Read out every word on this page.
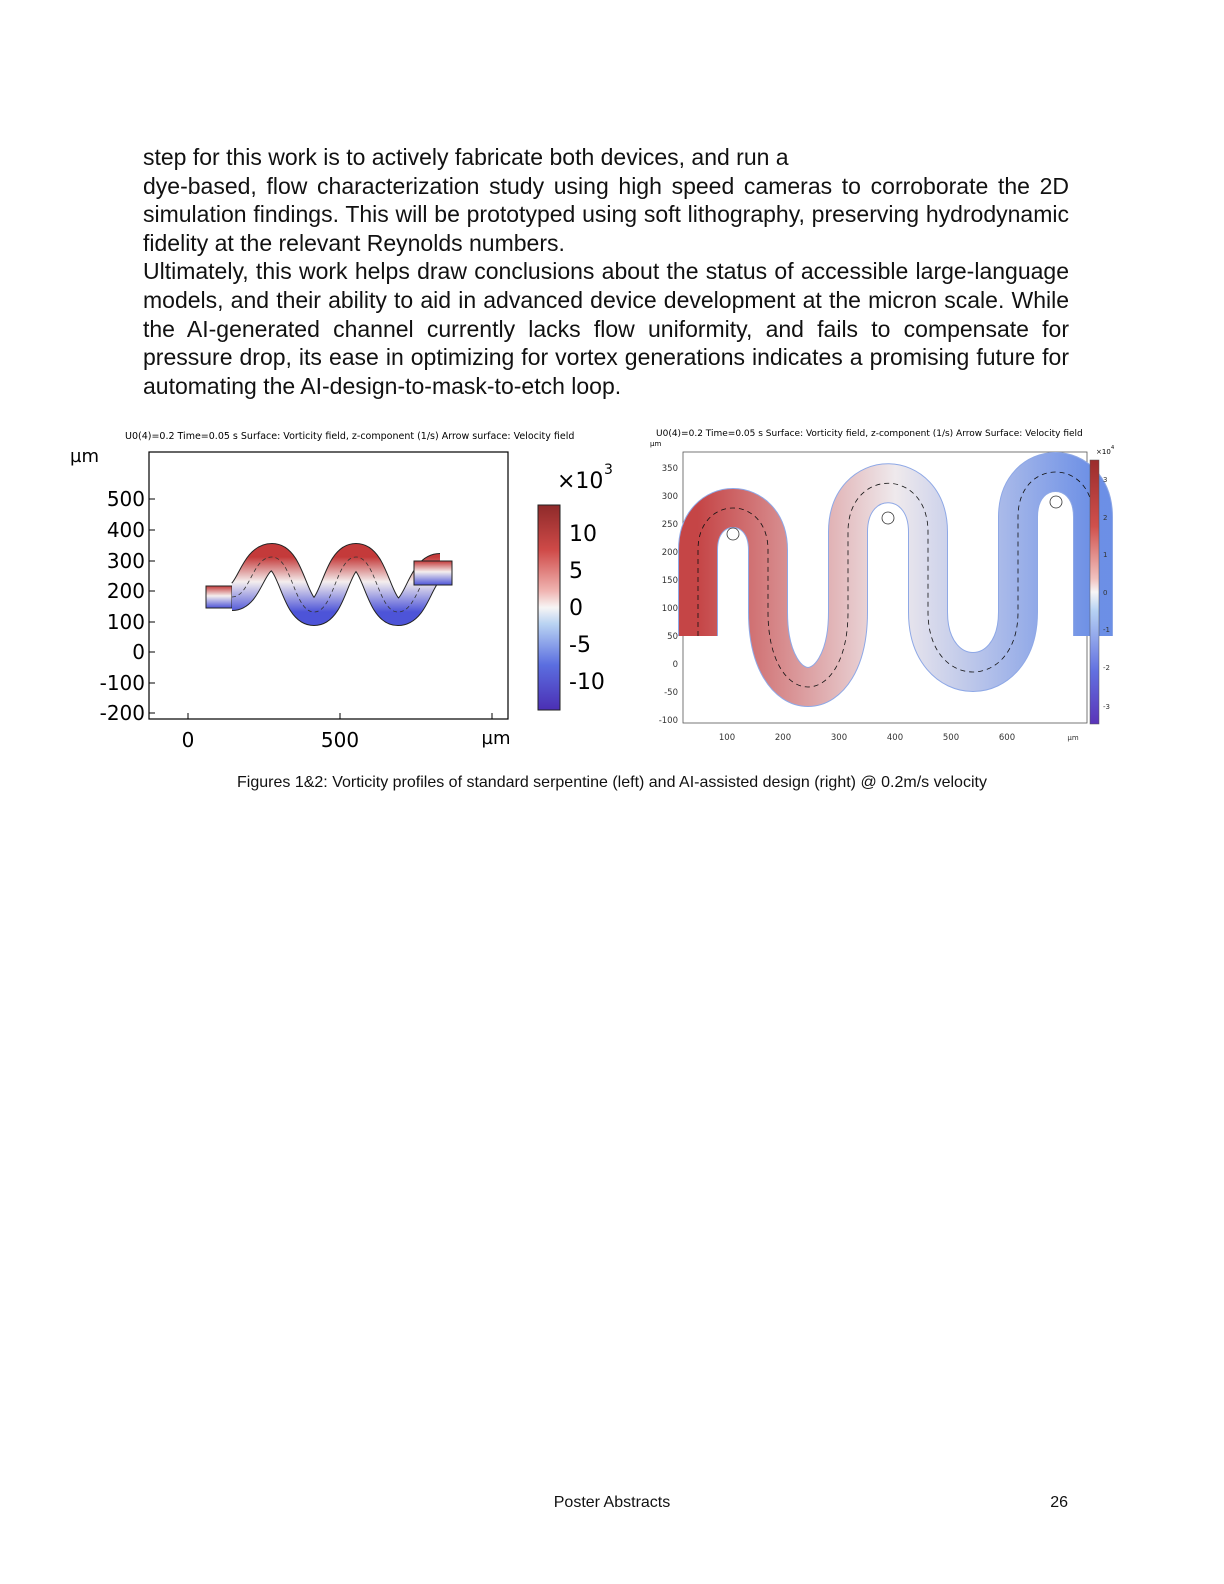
step for this work is to actively fabricate both devices, and run a

dye-based, flow characterization study using high speed cameras to corroborate the 2D simulation findings. This will be prototyped using soft lithography, preserving hydrodynamic fidelity at the relevant Reynolds numbers.

Ultimately, this work helps draw conclusions about the status of accessible large-language models, and their ability to aid in advanced device development at the micron scale. While the AI-generated channel currently lacks flow uniformity, and fails to compensate for pressure drop, its ease in optimizing for vortex generations indicates a promising future for automating the AI-design-to-mask-to-etch loop.

U0(4)=0.2 Time=0.05 s Surface: Vorticity field, z-component (1/s) Arrow surface: Velocity field
µm
500
400
300
200
100
0
-100
-200
0	500	µm
×10 3
10
5
0
-5
-10
U0(4)=0.2 Time=0.05 s Surface: Vorticity field, z-component (1/s) Arrow Surface: Velocity field
µm
350
300
250
200
150
100
50
0
-50
-100
100	200	300	400	500	600	µm
×10 4
3
2
1
0
-1
-2
-3
Figures 1&2: Vorticity profiles of standard serpentine (left) and AI-assisted design (right) @ 0.2m/s velocity
Poster Abstracts	26
